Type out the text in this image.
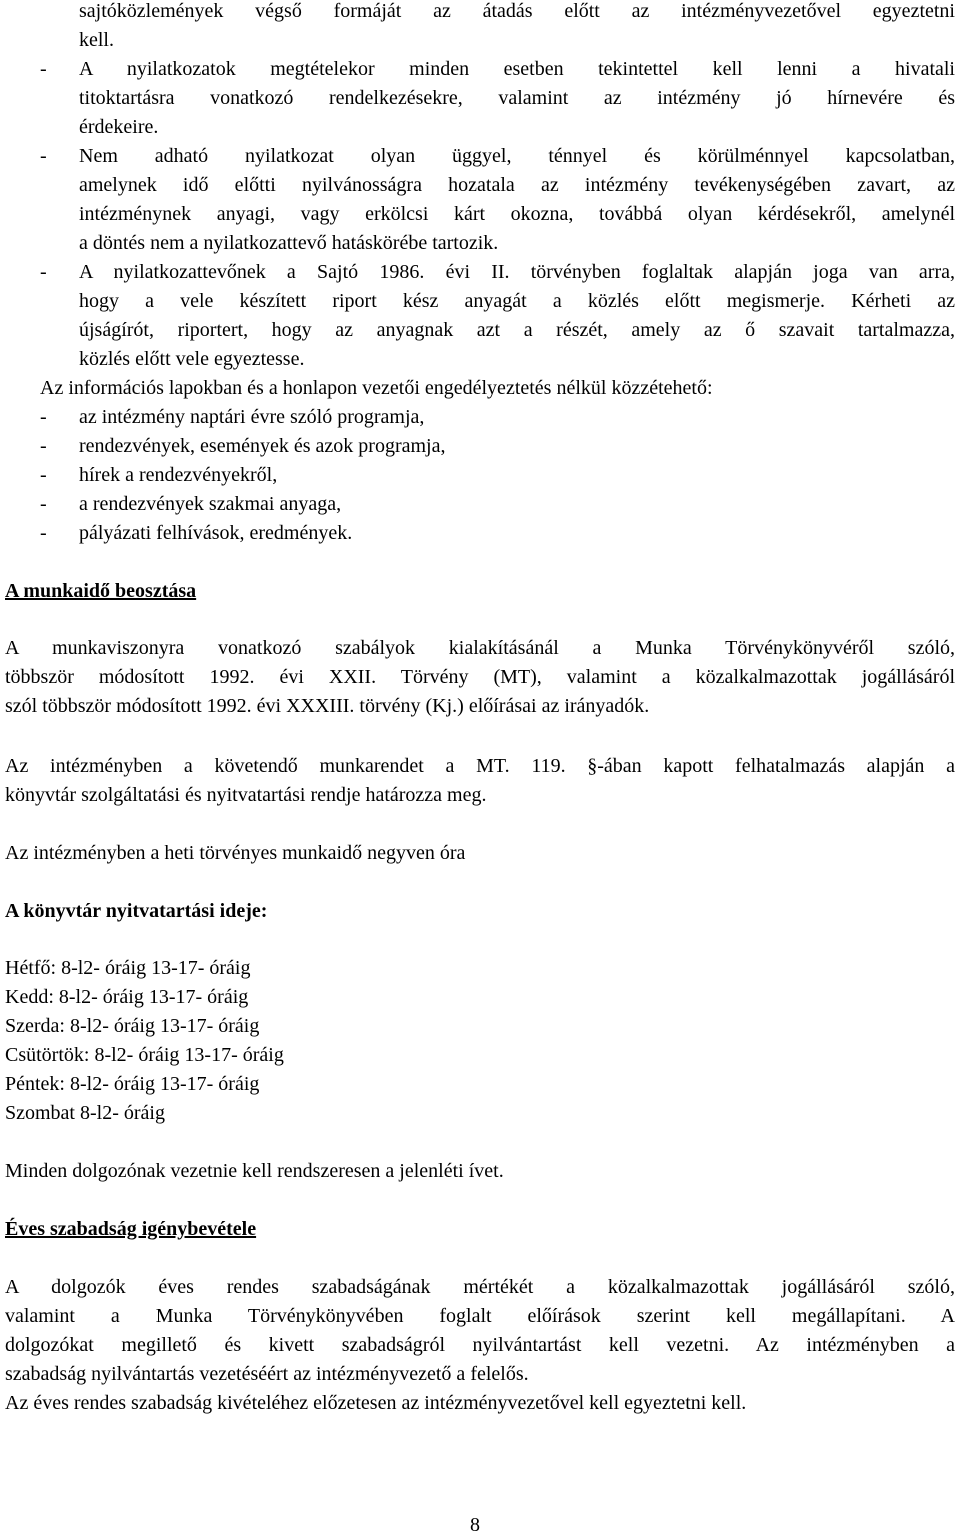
sajtóközlemények végső formáját az átadás előtt az intézményvezetővel egyeztetni
kell.
- A nyilatkozatok megtételekor minden esetben tekintettel kell lenni a hivatali
titoktartásra vonatkozó rendelkezésekre, valamint az intézmény jó hírnevére és
érdekeire.
- Nem adható nyilatkozat olyan üggyel, ténnyel és körülménnyel kapcsolatban,
amelynek idő előtti nyilvánosságra hozatala az intézmény tevékenységében zavart, az
intézménynek anyagi, vagy erkölcsi kárt okozna, továbbá olyan kérdésekről, amelynél
a döntés nem a nyilatkozattevő hatáskörébe tartozik.
- A nyilatkozattevőnek a Sajtó 1986. évi II. törvényben foglaltak alapján joga van arra,
hogy a vele készített riport kész anyagát a közlés előtt megismerje. Kérheti az
újságírót, riportert, hogy az anyagnak azt a részét, amely az ő szavait tartalmazza,
közlés előtt vele egyeztesse.
Az információs lapokban és a honlapon vezetői engedélyeztetés nélkül közzétehető:
- az intézmény naptári évre szóló programja,
- rendezvények, események és azok programja,
- hírek a rendezvényekről,
- a rendezvények szakmai anyaga,
- pályázati felhívások, eredmények.
A munkaidő beosztása
A munkaviszonyra vonatkozó szabályok kialakításánál a Munka Törvénykönyvéről szóló,
többször módosított 1992. évi XXII. Törvény (MT), valamint a közalkalmazottak jogállásáról
szól többször módosított 1992. évi XXXIII. törvény (Kj.) előírásai az irányadók.
Az intézményben a követendő munkarendet a MT. 119. §-ában kapott felhatalmazás alapján a
könyvtár szolgáltatási és nyitvatartási rendje határozza meg.
Az intézményben a heti törvényes munkaidő negyven óra
A könyvtár nyitvatartási ideje:
Hétfő: 8-l2- óráig 13-17- óráig
Kedd: 8-l2- óráig 13-17- óráig
Szerda: 8-l2- óráig 13-17- óráig
Csütörtök: 8-l2- óráig 13-17- óráig
Péntek: 8-l2- óráig 13-17- óráig
Szombat 8-l2- óráig
Minden dolgozónak vezetnie kell rendszeresen a jelenléti ívet.
Éves szabadság igénybevétele
A dolgozók éves rendes szabadságának mértékét a közalkalmazottak jogállásáról szóló,
valamint a Munka Törvénykönyvében foglalt előírások szerint kell megállapítani. A
dolgozókat megillető és kivett szabadságról nyilvántartást kell vezetni. Az intézményben a
szabadság nyilvántartás vezetéséért az intézményvezető a felelős.
Az éves rendes szabadság kivételéhez előzetesen az intézményvezetővel kell egyeztetni kell.
8
